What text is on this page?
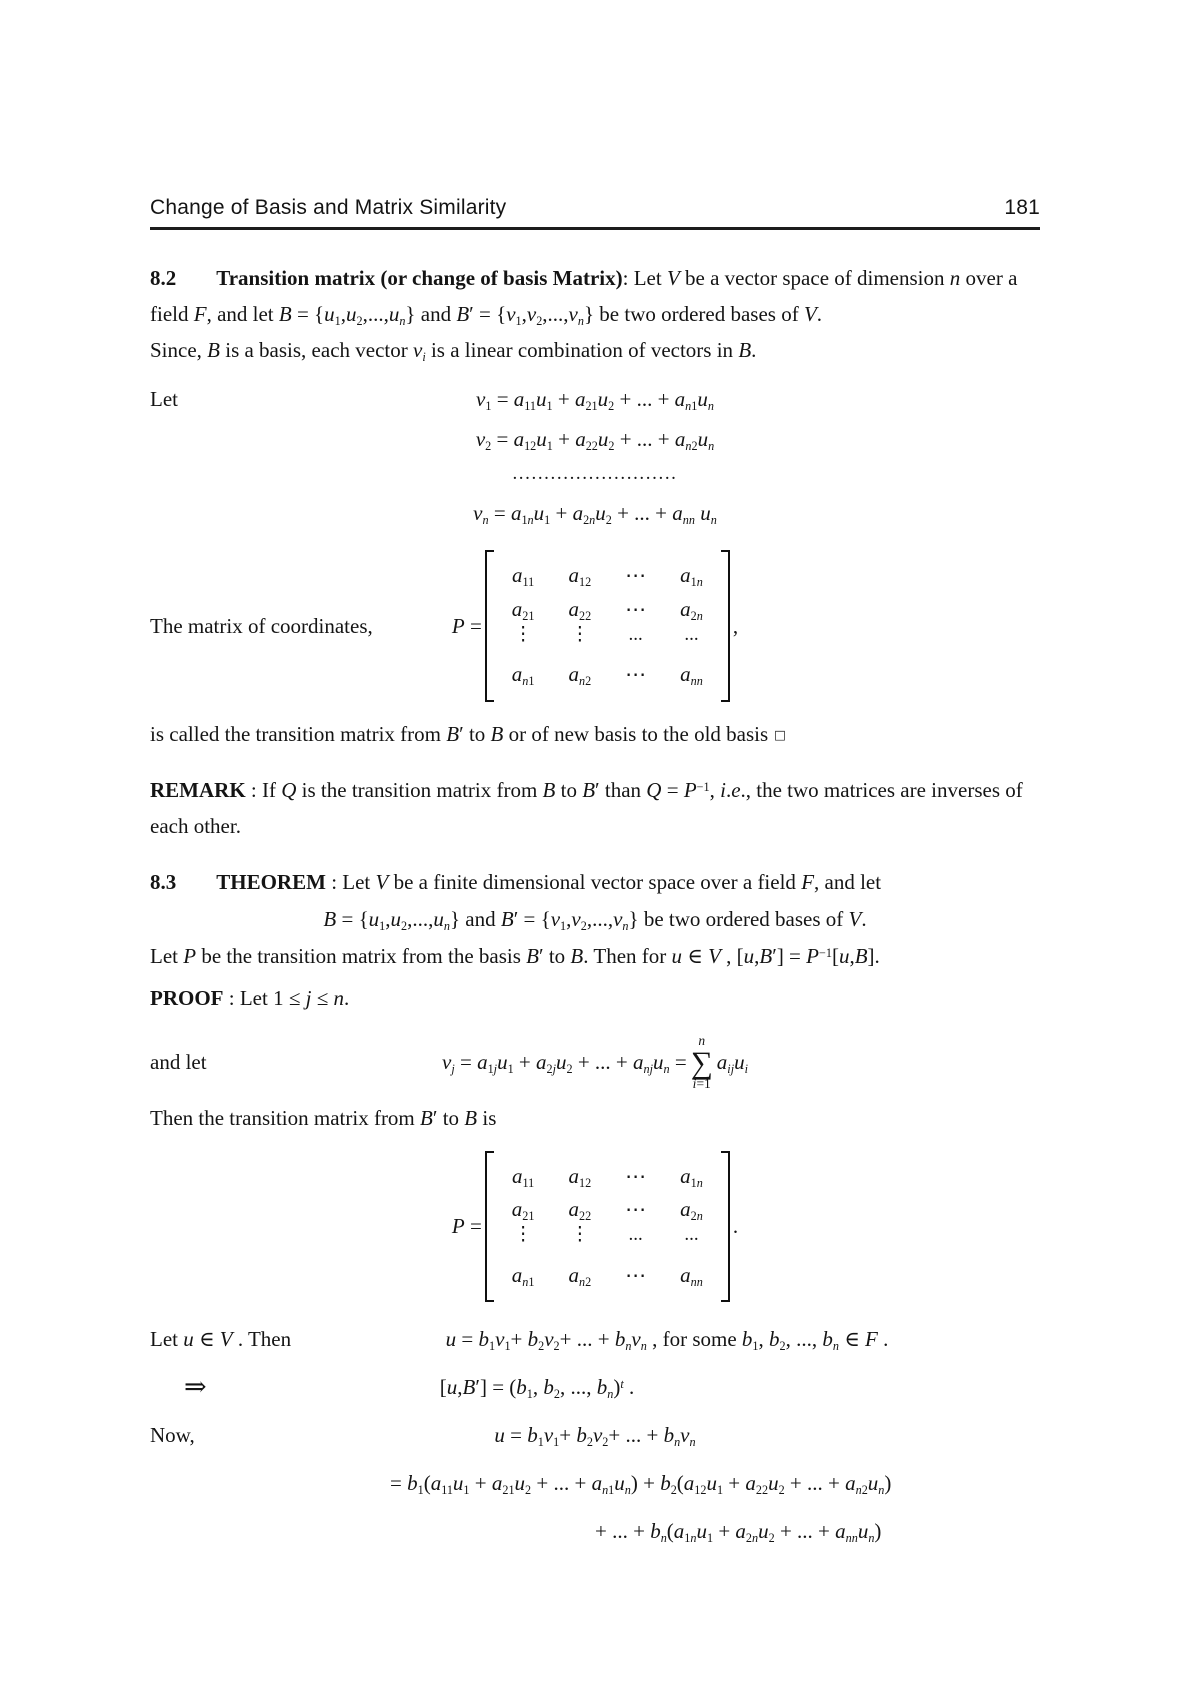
Change of Basis and Matrix Similarity	181
8.2 Transition matrix (or change of basis Matrix): Let V be a vector space of dimension n over a field F, and let $B = \{u_1,u_2,...,u_n\}$ and $B' = \{v_1,v_2,...,v_n\}$ be two ordered bases of V.
Since, B is a basis, each vector $v_i$ is a linear combination of vectors in B.
Let	$v_1 = a_{11}u_1 + a_{21}u_2$ + ... + $a_{n1}u_n$
$v_2 = a_{12}u_1 + a_{22}u_2$ + ... + $a_{n2}u_n$
..........................
$v_n = a_{1n}u_1 + a_{2n}u_2$ + ... + $a_{nn}$ $u_n$
The matrix of coordinates,	P =
$a_{11}$ $a_{12}$ ⋯ $a_{1n}$
$a_{21}$ $a_{22}$ ⋯ $a_{2n}$
⋮ ⋮ ... ...
$a_{n1}$ $a_{n2}$ ⋯ $a_{nn}$
,
is called the transition matrix from B′ to B or of new basis to the old basis □
REMARK : If Q is the transition matrix from B to B′ than $Q = P^{-1}$, i.e., the two matrices are inverses of each other.
8.3 THEOREM : Let V be a finite dimensional vector space over a field F, and let
$B = \{u_1,u_2,...,u_n\}$ and $B' = \{v_1,v_2,...,v_n\}$ be two ordered bases of V.
Let P be the transition matrix from the basis B′ to B. Then for u ∈ V , $[u,B'] = P^{-1}[u,B]$.
PROOF : Let 1 ≤ j ≤ n.
and let	$v_j = a_{1j}u_1 + a_{2j}u_2$ + ... + $a_{nj}u_n$ =
n
∑
i=1
$a_{ij}u_i$
Then the transition matrix from B′ to B is
P =
$a_{11}$ $a_{12}$ ⋯ $a_{1n}$
$a_{21}$ $a_{22}$ ⋯ $a_{2n}$
⋮ ⋮ ... ...
$a_{n1}$ $a_{n2}$ ⋯ $a_{nn}$
.
Let u ∈ V . Then	$u = b_1v_1+ b_2v_2+$ ... + $b_nv_n$ , for some $b_1$, $b_2$, ..., $b_n$ ∈ F .
⇒	$[u,B'] = (b_1$, $b_2$, ..., $b_n)^t$ .
Now,	$u = b_1v_1+ b_2v_2+$ ... + $b_nv_n$
= $b_1(a_{11}u_1 + a_{21}u_2$ + ... + $a_{n1}u_n) + b_2(a_{12}u_1 + a_{22}u_2$ + ... + $a_{n2}u_n$)
+ ... + $b_n(a_{1n}u_1 + a_{2n}u_2$ + ... + $a_{nn}u_n$)
